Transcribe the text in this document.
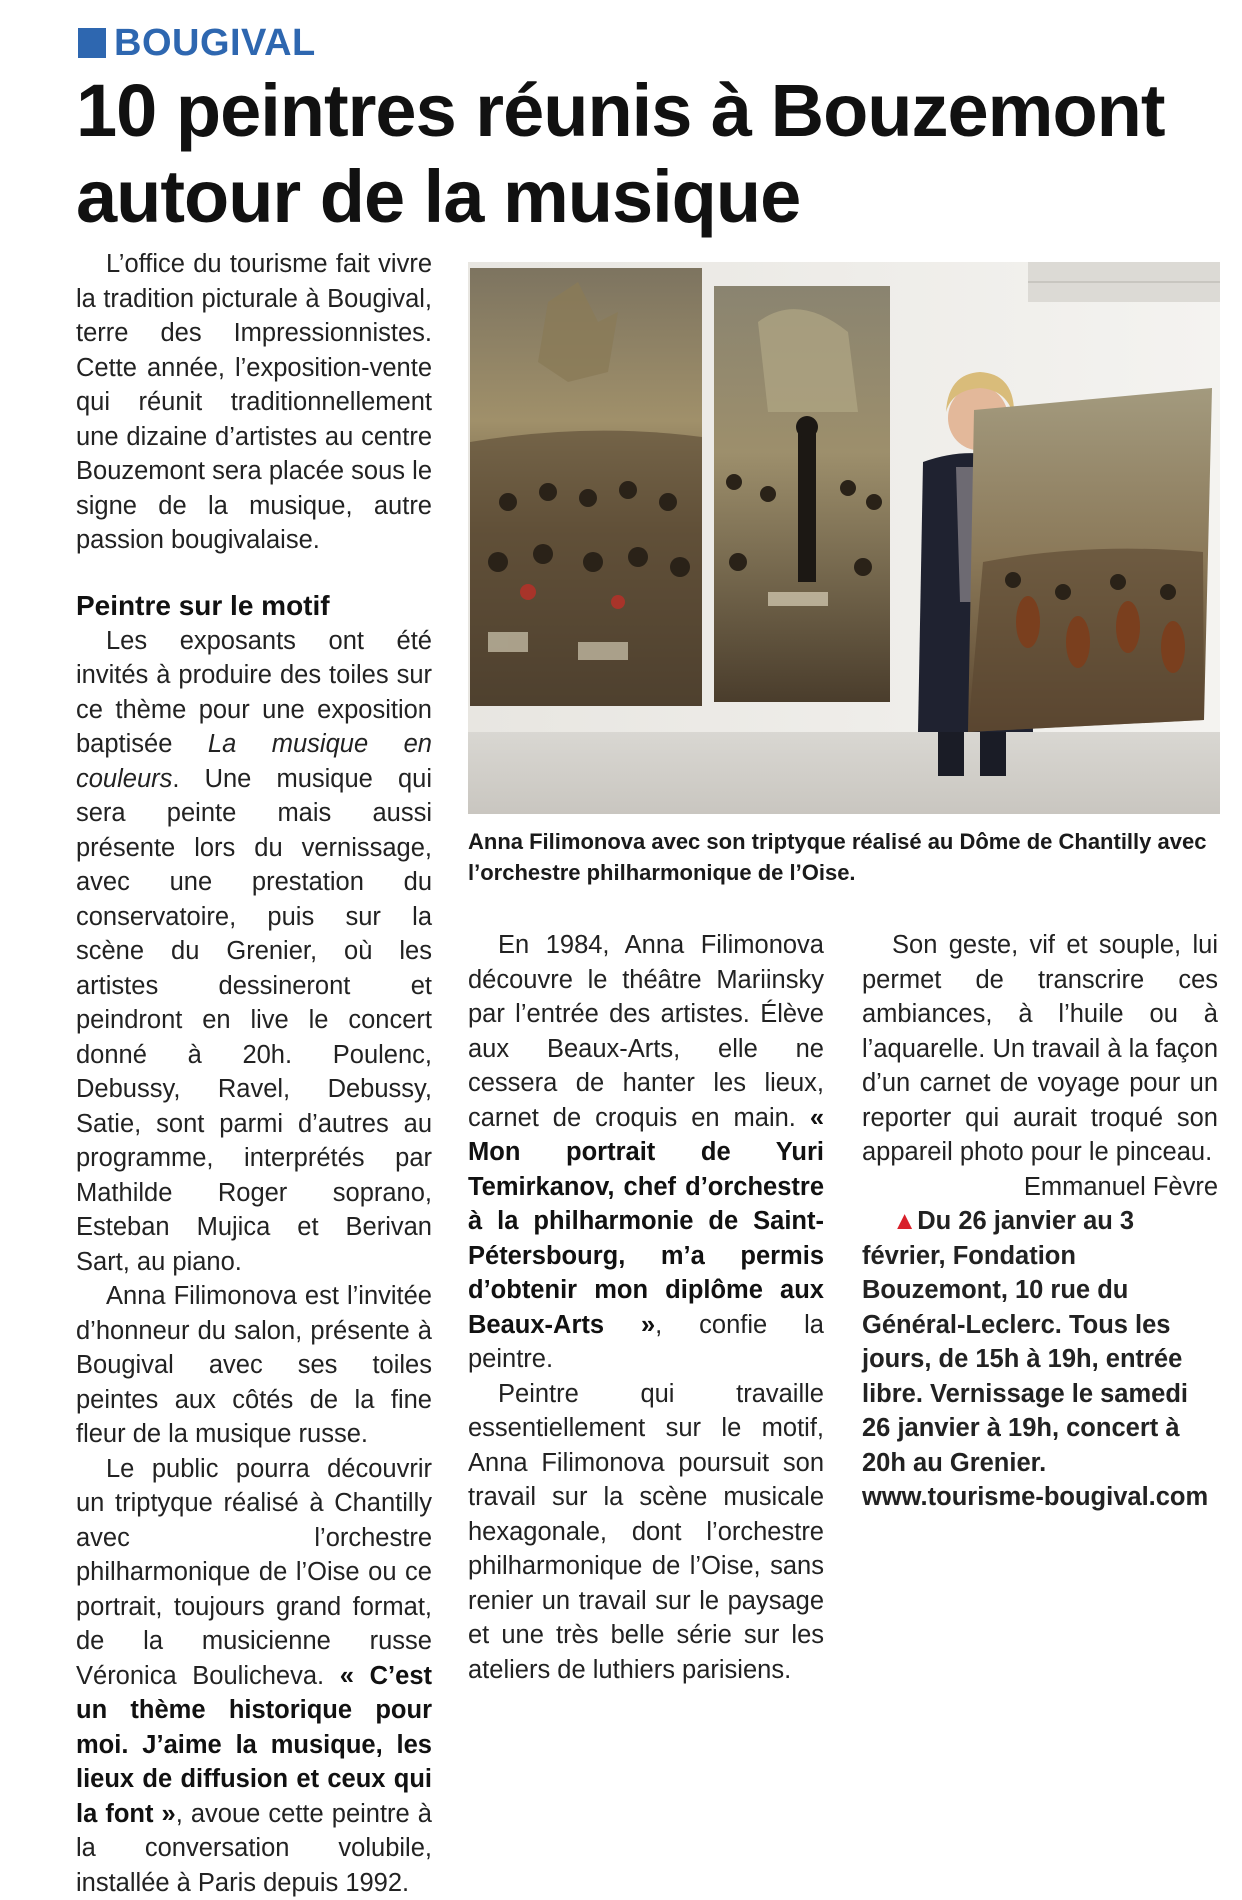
BOUGIVAL
10 peintres réunis à Bouzemont autour de la musique
Anna Filimonova avec son triptyque réalisé au Dôme de Chantilly avec l’orchestre philharmonique de l’Oise.

L’office du tourisme fait vivre la tradition picturale à Bougival, terre des Impressionnistes. Cette année, l’exposition-vente qui réunit traditionnellement une dizaine d’artistes au centre Bouzemont sera placée sous le signe de la musique, autre passion bougivalaise.

Peintre sur le motif

Les exposants ont été invités à produire des toiles sur ce thème pour une exposition baptisée La musique en couleurs. Une musique qui sera peinte mais aussi présente lors du vernissage, avec une prestation du conservatoire, puis sur la scène du Grenier, où les artistes dessineront et peindront en live le concert donné à 20h. Poulenc, Debussy, Ravel, Debussy, Satie, sont parmi d’autres au programme, interprétés par Mathilde Roger soprano, Esteban Mujica et Berivan Sart, au piano.

Anna Filimonova est l’invitée d’honneur du salon, présente à Bougival avec ses toiles peintes aux côtés de la fine fleur de la musique russe.

Le public pourra découvrir un triptyque réalisé à Chantilly avec l’orchestre philharmonique de l’Oise ou ce portrait, toujours grand format, de la musicienne russe Véronica Boulicheva. « C’est un thème historique pour moi. J’aime la musique, les lieux de diffusion et ceux qui la font », avoue cette peintre à la conversation volubile, installée à Paris depuis 1992.

En 1984, Anna Filimonova découvre le théâtre Mariinsky par l’entrée des artistes. Élève aux Beaux-Arts, elle ne cessera de hanter les lieux, carnet de croquis en main. « Mon portrait de Yuri Temirkanov, chef d’orchestre à la philharmonie de Saint-Pétersbourg, m’a permis d’obtenir mon diplôme aux Beaux-Arts », confie la peintre.

Peintre qui travaille essentiellement sur le motif, Anna Filimonova poursuit son travail sur la scène musicale hexagonale, dont l’orchestre philharmonique de l’Oise, sans renier un travail sur le paysage et une très belle série sur les ateliers de luthiers parisiens.

Son geste, vif et souple, lui permet de transcrire ces ambiances, à l’huile ou à l’aquarelle. Un travail à la façon d’un carnet de voyage pour un reporter qui aurait troqué son appareil photo pour le pinceau.

Emmanuel Fèvre

▲Du 26 janvier au 3 février, Fondation Bouzemont, 10 rue du Général-Leclerc. Tous les jours, de 15h à 19h, entrée libre. Vernissage le samedi 26 janvier à 19h, concert à 20h au Grenier. www.tourisme-bougival.com
